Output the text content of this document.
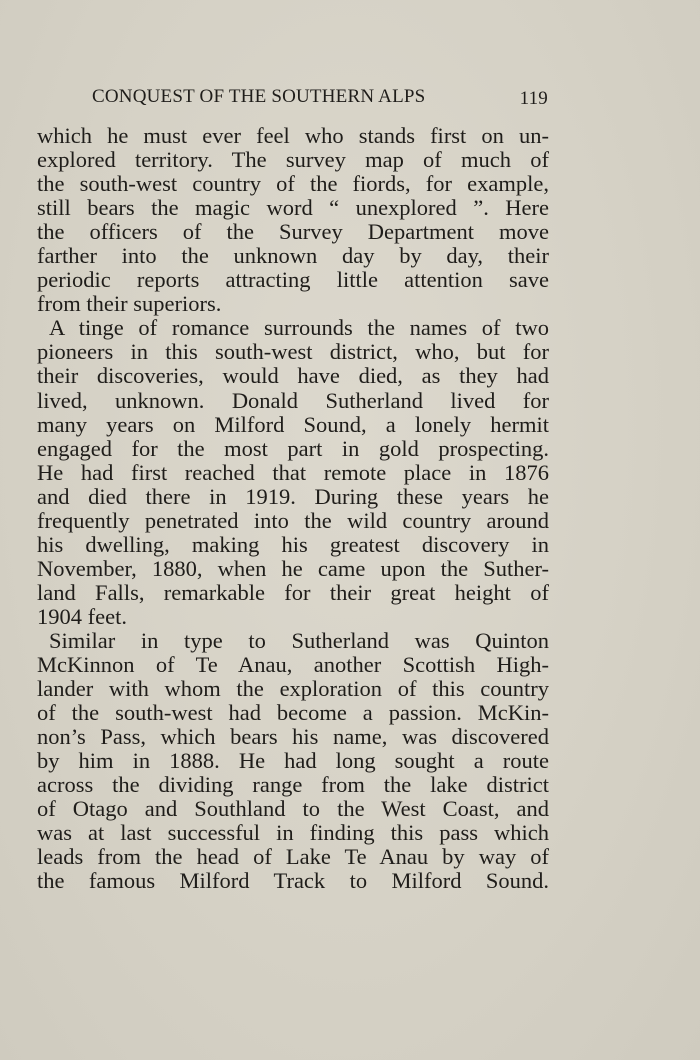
CONQUEST OF THE SOUTHERN ALPS	119
which he must ever feel who stands first on un-
explored territory. The survey map of much of
the south-west country of the fiords, for example,
still bears the magic word “ unexplored ”. Here
the officers of the Survey Department move
farther into the unknown day by day, their
periodic reports attracting little attention save
from their superiors.
A tinge of romance surrounds the names of two
pioneers in this south-west district, who, but for
their discoveries, would have died, as they had
lived, unknown. Donald Sutherland lived for
many years on Milford Sound, a lonely hermit
engaged for the most part in gold prospecting.
He had first reached that remote place in 1876
and died there in 1919. During these years he
frequently penetrated into the wild country around
his dwelling, making his greatest discovery in
November, 1880, when he came upon the Suther-
land Falls, remarkable for their great height of
1904 feet.
Similar in type to Sutherland was Quinton
McKinnon of Te Anau, another Scottish High-
lander with whom the exploration of this country
of the south-west had become a passion. McKin-
non’s Pass, which bears his name, was discovered
by him in 1888. He had long sought a route
across the dividing range from the lake district
of Otago and Southland to the West Coast, and
was at last successful in finding this pass which
leads from the head of Lake Te Anau by way of
the famous Milford Track to Milford Sound.
